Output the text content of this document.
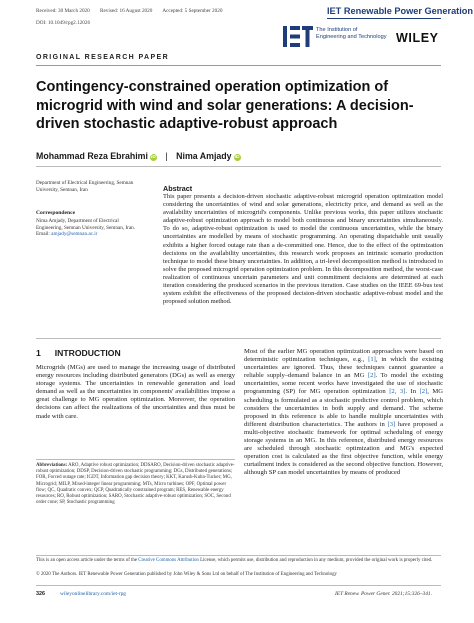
Received: 30 March 2020 Revised: 16 August 2020 Accepted: 5 September 2020
DOI: 10.1049/rpg2.12026
IET Renewable Power Generation
The Institution of
Engineering and Technology WILEY
ORIGINAL RESEARCH PAPER
Contingency-constrained operation optimization of microgrid with wind and solar generations: A decision-driven stochastic adaptive-robust approach
Mohammad Reza Ebrahimi iD | Nima Amjady iD
Department of Electrical Engineering, Semnan University, Semnan, Iran
Correspondence
Nima Amjady, Department of Electrical Engineering, Semnan University, Semnan, Iran.
Email: amjady@semnan.ac.ir
Abstract
This paper presents a decision-driven stochastic adaptive-robust microgrid operation optimization model considering the uncertainties of wind and solar generations, electricity price, and demand as well as the availability uncertainties of microgrid's components. Unlike previous works, this paper utilizes stochastic adaptive-robust optimization approach to model both continuous and binary uncertainties simultaneously. To do so, adaptive-robust optimization is used to model the continuous uncertainties, while the binary uncertainties are modelled by means of stochastic programming. An operating dispatchable unit usually exhibits a higher forced outage rate than a de-committed one. Hence, due to the effect of the optimization decisions on the availability uncertainties, this research work proposes an intrinsic scenario production technique to model these binary uncertainties. In addition, a tri-level decomposition method is introduced to solve the proposed microgrid operation optimization problem. In this decomposition method, the worst-case realization of continuous uncertain parameters and unit commitment decisions are determined at each iteration considering the produced scenarios in the previous iteration. Case studies on the IEEE 69-bus test system exhibit the effectiveness of the proposed decision-driven stochastic adaptive-robust model and the proposed solution method.
1 INTRODUCTION
Microgrids (MGs) are used to manage the increasing usage of distributed energy resources including distributed generators (DGs) as well as energy storage systems. The uncertainties in renewable generation and load demand as well as the uncertainties in components' availabilities impose a great challenge to MG operation optimization. Moreover, the operation decisions can affect the realizations of the uncertainties and thus must be made with care.
Most of the earlier MG operation optimization approaches were based on deterministic optimization techniques, e.g., [1], in which the existing uncertainties are ignored. Thus, these techniques cannot guarantee a reliable supply–demand balance in an MG [2]. To model the existing uncertainties, some recent works have investigated the use of stochastic programming (SP) for MG operation optimization [2, 3]. In [2], MG scheduling is formulated as a stochastic predictive control problem, which considers the uncertainties in both supply and demand. The scheme proposed in this reference is able to handle multiple uncertainties with different distribution characteristics. The authors in [3] have proposed a multi-objective stochastic framework for optimal scheduling of energy storage systems in an MG. In this reference, distributed energy resources are scheduled through stochastic optimization and MG's expected operation cost is calculated as the first objective function, while energy curtailment index is considered as the second objective function. However, although SP can model uncertainties by means of produced
Abbreviations: ARO, Adaptive robust optimization; DDSARO, Decision-driven stochastic adaptive-robust optimization; DDSP, Decision-driven stochastic programming; DGs, Distributed generations; FOR, Forced outage rate; IGDT, Information gap decision theory; KKT, Karush-Kuhn-Tucker; MG, Microgrid; MILP, Mixed-integer linear programming; MTs, Micro turbines; OPF, Optimal power flow; QC, Quadratic convex; QCP, Quadratically constrained program; RES, Renewable energy resources; RO, Robust optimization; SARO, Stochastic adaptive-robust optimization; SOC, Second order cone; SP, Stochastic programming
This is an open access article under the terms of the Creative Commons Attribution License, which permits use, distribution and reproduction in any medium, provided the original work is properly cited.
© 2020 The Authors. IET Renewable Power Generation published by John Wiley & Sons Ltd on behalf of The Institution of Engineering and Technology
326	wileyonlinelibrary.com/iet-rpg	IET Renew. Power Gener. 2021;15:326–341.
